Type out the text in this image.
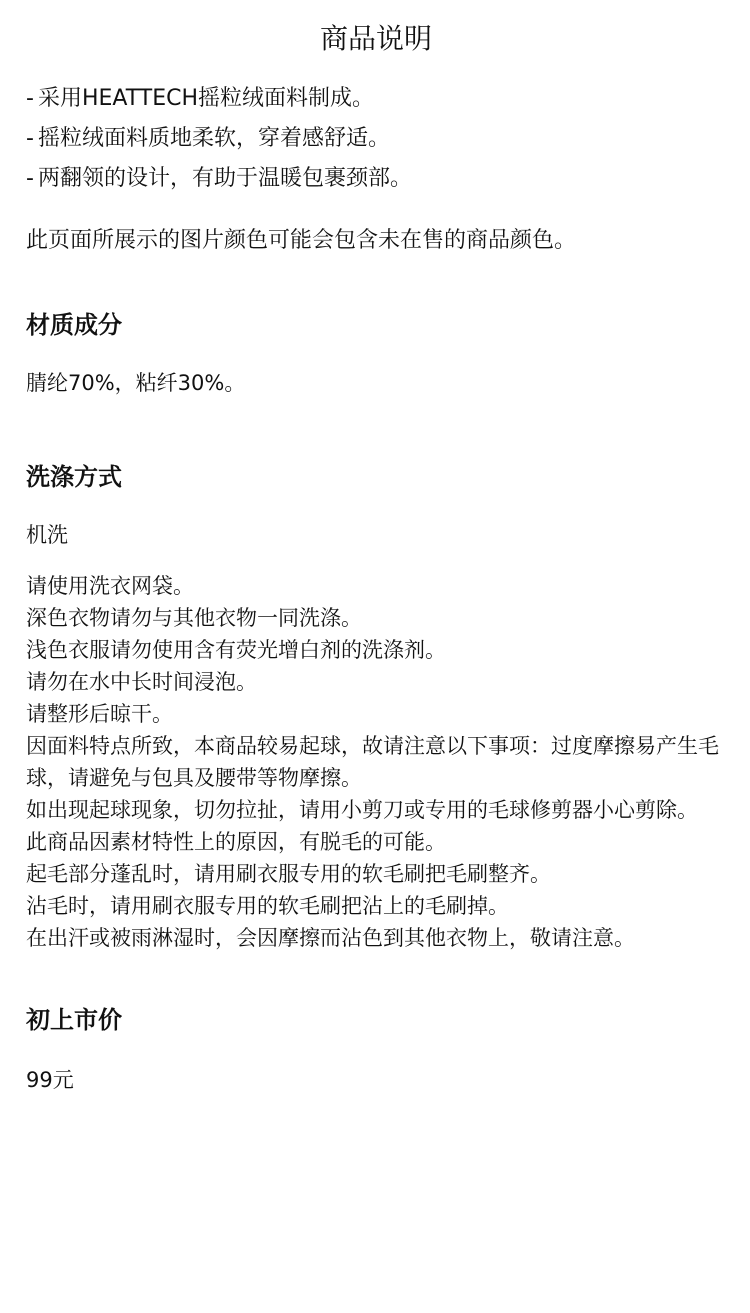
商品说明
- 采用HEATTECH摇粒绒面料制成。
- 摇粒绒面料质地柔软，穿着感舒适。
- 两翻领的设计，有助于温暖包裹颈部。

此页面所展示的图片颜色可能会包含未在售的商品颜色。

材质成分

腈纶70%，粘纤30%。

洗涤方式

机洗

请使用洗衣网袋。

深色衣物请勿与其他衣物一同洗涤。

浅色衣服请勿使用含有荧光增白剂的洗涤剂。

请勿在水中长时间浸泡。

请整形后晾干。

因面料特点所致，本商品较易起球，故请注意以下事项：过度摩擦易产生毛球，请避免与包具及腰带等物摩擦。

如出现起球现象，切勿拉扯，请用小剪刀或专用的毛球修剪器小心剪除。

此商品因素材特性上的原因，有脱毛的可能。

起毛部分蓬乱时，请用刷衣服专用的软毛刷把毛刷整齐。

沾毛时，请用刷衣服专用的软毛刷把沾上的毛刷掉。

在出汗或被雨淋湿时，会因摩擦而沾色到其他衣物上，敬请注意。

初上市价

99元
